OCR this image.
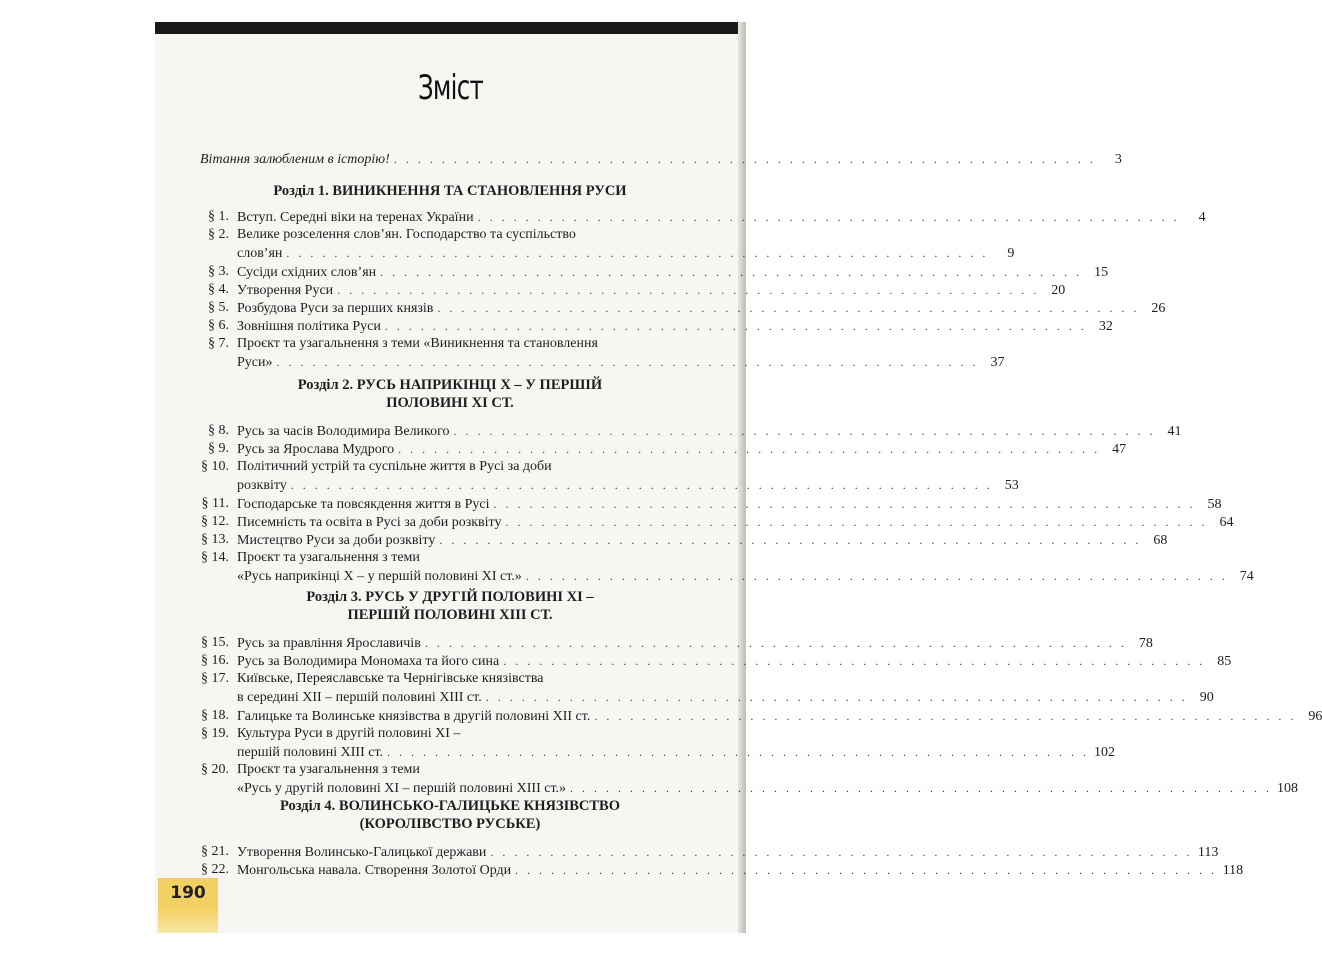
Зміст
Вітання залюбленим в історію! . . . . . . . . . . . . . . . . . . . . . . . . . . . . . . . . . . . . . . . . . . . . . . . . . . . . . . . . . . .	3
Розділ 1. ВИНИКНЕННЯ ТА СТАНОВЛЕННЯ РУСИ
§ 1. Вступ. Середні віки на теренах України . . . . . . . . . . . . . . . . . . . . . . . . . . . . . . . . . . . . . . . . . . . . . . . . . . . . . . . . . . .	4
§ 2. Велике розселення слов’ян. Господарство та суспільство
слов’ян . . . . . . . . . . . . . . . . . . . . . . . . . . . . . . . . . . . . . . . . . . . . . . . . . . . . . . . . . . .	9
§ 3. Сусіди східних слов’ян . . . . . . . . . . . . . . . . . . . . . . . . . . . . . . . . . . . . . . . . . . . . . . . . . . . . . . . . . . . 15
§ 4. Утворення Руси . . . . . . . . . . . . . . . . . . . . . . . . . . . . . . . . . . . . . . . . . . . . . . . . . . . . . . . . . . . 20
§ 5. Розбудова Руси за перших князів . . . . . . . . . . . . . . . . . . . . . . . . . . . . . . . . . . . . . . . . . . . . . . . . . . . . . . . . . . . 26
§ 6. Зовнішня політика Руси . . . . . . . . . . . . . . . . . . . . . . . . . . . . . . . . . . . . . . . . . . . . . . . . . . . . . . . . . . . 32
§ 7. Проєкт та узагальнення з теми «Виникнення та становлення
Руси» . . . . . . . . . . . . . . . . . . . . . . . . . . . . . . . . . . . . . . . . . . . . . . . . . . . . . . . . . . . 37
Розділ 2. РУСЬ НАПРИКІНЦІ X – У ПЕРШІЙ
ПОЛОВИНІ XI СТ.
§ 8. Русь за часів Володимира Великого . . . . . . . . . . . . . . . . . . . . . . . . . . . . . . . . . . . . . . . . . . . . . . . . . . . . . . . . . . . 41
§ 9. Русь за Ярослава Мудрого . . . . . . . . . . . . . . . . . . . . . . . . . . . . . . . . . . . . . . . . . . . . . . . . . . . . . . . . . . . 47
§ 10. Політичний устрій та суспільне життя в Русі за доби
розквіту . . . . . . . . . . . . . . . . . . . . . . . . . . . . . . . . . . . . . . . . . . . . . . . . . . . . . . . . . . . 53
§ 11. Господарське та повсякдення життя в Русі . . . . . . . . . . . . . . . . . . . . . . . . . . . . . . . . . . . . . . . . . . . . . . . . . . . . . . . . . . . 58
§ 12. Писемність та освіта в Русі за доби розквіту . . . . . . . . . . . . . . . . . . . . . . . . . . . . . . . . . . . . . . . . . . . . . . . . . . . . . . . . . . . 64
§ 13. Мистецтво Руси за доби розквіту . . . . . . . . . . . . . . . . . . . . . . . . . . . . . . . . . . . . . . . . . . . . . . . . . . . . . . . . . . . 68
§ 14. Проєкт та узагальнення з теми
«Русь наприкінці X – у першій половині XI ст.» . . . . . . . . . . . . . . . . . . . . . . . . . . . . . . . . . . . . . . . . . . . . . . . . . . . . . . . . . . . 74
Розділ 3. РУСЬ У ДРУГІЙ ПОЛОВИНІ XI –
ПЕРШІЙ ПОЛОВИНІ XIII СТ.
§ 15. Русь за правління Ярославичів . . . . . . . . . . . . . . . . . . . . . . . . . . . . . . . . . . . . . . . . . . . . . . . . . . . . . . . . . . . 78
§ 16. Русь за Володимира Мономаха та його сина . . . . . . . . . . . . . . . . . . . . . . . . . . . . . . . . . . . . . . . . . . . . . . . . . . . . . . . . . . . 85
§ 17. Київське, Переяславське та Чернігівське князівства
в середині XII – першій половині XIII ст. . . . . . . . . . . . . . . . . . . . . . . . . . . . . . . . . . . . . . . . . . . . . . . . . . . . . . . . . . . . 90
§ 18. Галицьке та Волинське князівства в другій половині XII ст. . . . . . . . . . . . . . . . . . . . . . . . . . . . . . . . . . . . . . . . . . . . . . . . . . . . . . . . . . . . 96
§ 19. Культура Руси в другій половині XI –
першій половині XIII ст. . . . . . . . . . . . . . . . . . . . . . . . . . . . . . . . . . . . . . . . . . . . . . . . . . . . . . . . . . . . 102
§ 20. Проєкт та узагальнення з теми
«Русь у другій половині XI – першій половині XIII ст.» . . . . . . . . . . . . . . . . . . . . . . . . . . . . . . . . . . . . . . . . . . . . . . . . . . . . . . . . . . . 108
Розділ 4. ВОЛИНСЬКО-ГАЛИЦЬКЕ КНЯЗІВСТВО
(КОРОЛІВСТВО РУСЬКЕ)
§ 21. Утворення Волинсько-Галицької держави . . . . . . . . . . . . . . . . . . . . . . . . . . . . . . . . . . . . . . . . . . . . . . . . . . . . . . . . . . . 113
§ 22. Монгольська навала. Створення Золотої Орди . . . . . . . . . . . . . . . . . . . . . . . . . . . . . . . . . . . . . . . . . . . . . . . . . . . . . . . . . . . 118
190
